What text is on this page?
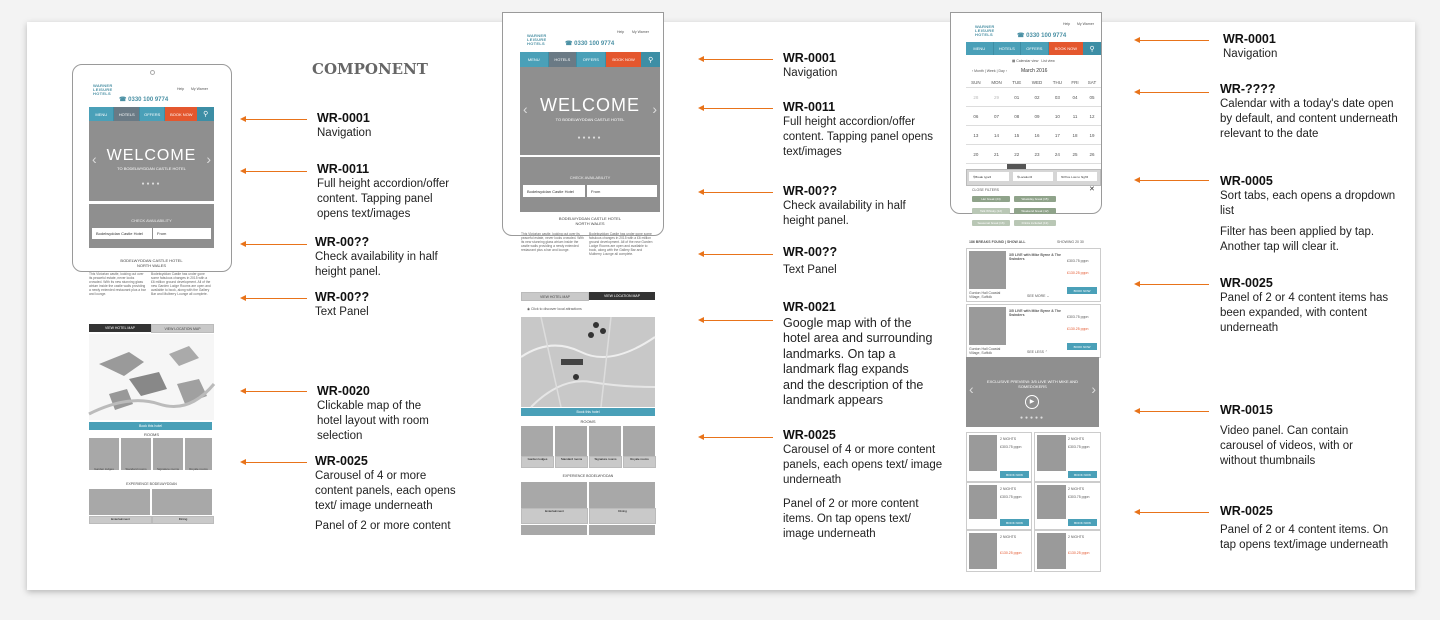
WARNER
LEISURE
HOTELS
Help My Warner
☎ 0330 100 9774
MENU	HOTELS	OFFERS	BOOK NOW	⚲
WELCOME
TO BODELWYDDAN CASTLE HOTEL
‹	›
●●●●
CHECK AVAILABILITY
Bodelwyddan Castle Hotel	From
BODELWYDDAN CASTLE HOTEL
NORTH WALES
This Victorian castle, looking out over its peaceful estate, never looks crowded. With its new stunning glass atrium inside the castle walls providing a newly extended restaurant plus a bar and lounge.
Bodelwyddan Castle has under gone some fabulous changes in 2015 with a £6 million ground development. All of the new Garden Lodge Rooms are open and available to book, along with the Gallery Bar and Mulberry Lounge all complete.
VIEW HOTEL MAP	VIEW LOCATION MAP
Book this hotel
ROOMS
Garden lodges	Standard rooms	Signature rooms	Royale rooms
EXPERIENCE BODELWYDDAN
Entertainment	Dining
COMPONENT
WR-0001
Navigation
WR-0011
Full height accordion/offer content. Tapping panel opens text/images
WR-00??
Check availability in half height panel.
WR-00??
Text Panel
WR-0020
Clickable map of the hotel layout with room selection
WR-0025
Carousel of 4 or more content panels, each opens text/ image underneath
Panel of 2 or more content
WARNER
LEISURE
HOTELS
Help My Warner
☎ 0330 100 9774
MENU	HOTELS	OFFERS	BOOK NOW	⚲
WELCOME
TO BODELWYDDAN CASTLE HOTEL
‹	›
●●●●●
CHECK AVAILABILITY
Bodelwyddan Castle Hotel	From
BODELWYDDAN CASTLE HOTEL
NORTH WALES
This Victorian castle, looking out over its peaceful estate, never looks crowded. With its new stunning glass atrium inside the castle walls providing a newly extended restaurant plus a bar and lounge.
Bodelwyddan Castle has under gone some fabulous changes in 2015 with a £6 million ground development. All of the new Garden Lodge Rooms are open and available to book, along with the Gallery Bar and Mulberry Lounge all complete.
VIEW HOTEL MAP	VIEW LOCATION MAP
◉ Click to discover local attractions
Book this hotel
ROOMS
Garden lodges	Standard rooms	Signature rooms	Royale rooms
EXPERIENCE BODELWYDDAN
Entertainment	Dining
WR-0001
Navigation
WR-0011
Full height accordion/offer content. Tapping panel opens text/images
WR-00??
Check availability in half height panel.
WR-00??
Text Panel
WR-0021
Google map with of the hotel area and surrounding landmarks. On tap a landmark flag expands and the description of the landmark appears
WR-0025
Carousel of 4 or more content panels, each opens text/ image underneath
Panel of 2 or more content items. On tap opens text/ image underneath
WARNER
LEISURE
HOTELS
Help My Warner
☎ 0330 100 9774
MENU	HOTELS	OFFERS	BOOK NOW	⚲
▦ Calendar view List view
‹ Month | Week | Day ›	March 2016
SUN	MON	TUE	WED	THU	FRI	SAT
28	29	01	02	03	04	05
06	07	08	09	10	11	12
13	14	15	16	17	18	19
20	21	22	23	24	25	26

⚲ Break type ▾	⚲ Location ▾	⇅ Price Low to high ▾
CLOSE FILTERS	✕
Her break (24)	Weekday break (15)
Talk Whisky (12)	Weekend break (12)
Seasonal break (16)	Drinks included (13)
186 BREAKS FOUND | SHOW ALL	SHOWING 20 30
3/5 LIVE with Mike Byrne & The Swinders	£303.75 pppn
£130.25 pppn
BOOK NOW
Gunton Hall Coastal Village, Suffolk	SEE MORE ⌄
3/5 LIVE with Mike Byrne & The Swinders	£303.75 pppn
£130.25 pppn
BOOK NOW
Gunton Hall Coastal Village, Suffolk	SEE LESS ⌃
EXCLUSIVE PREVIEW: 3/5 LIVE WITH MIKE AND SOMEDOKERS
▶
‹	›
●●●●●
2 NIGHTS
£303.75 pppn
BOOK NOW
2 NIGHTS
£303.75 pppn
BOOK NOW
2 NIGHTS
£303.75 pppn
BOOK NOW
2 NIGHTS
£303.75 pppn
BOOK NOW
2 NIGHTS
£130.25 pppn
2 NIGHTS
£130.25 pppn
WR-0001
Navigation
WR-????
Calendar with a today's date open by default, and content underneath relevant to the date
WR-0005
Sort tabs, each opens a dropdown list
Filter has been applied by tap. Another tap will clear it.
WR-0025
Panel of 2 or 4 content items has been expanded, with content underneath
WR-0015
Video panel. Can contain carousel of videos, with or without thumbnails
WR-0025
Panel of 2 or 4 content items. On tap opens text/image underneath
